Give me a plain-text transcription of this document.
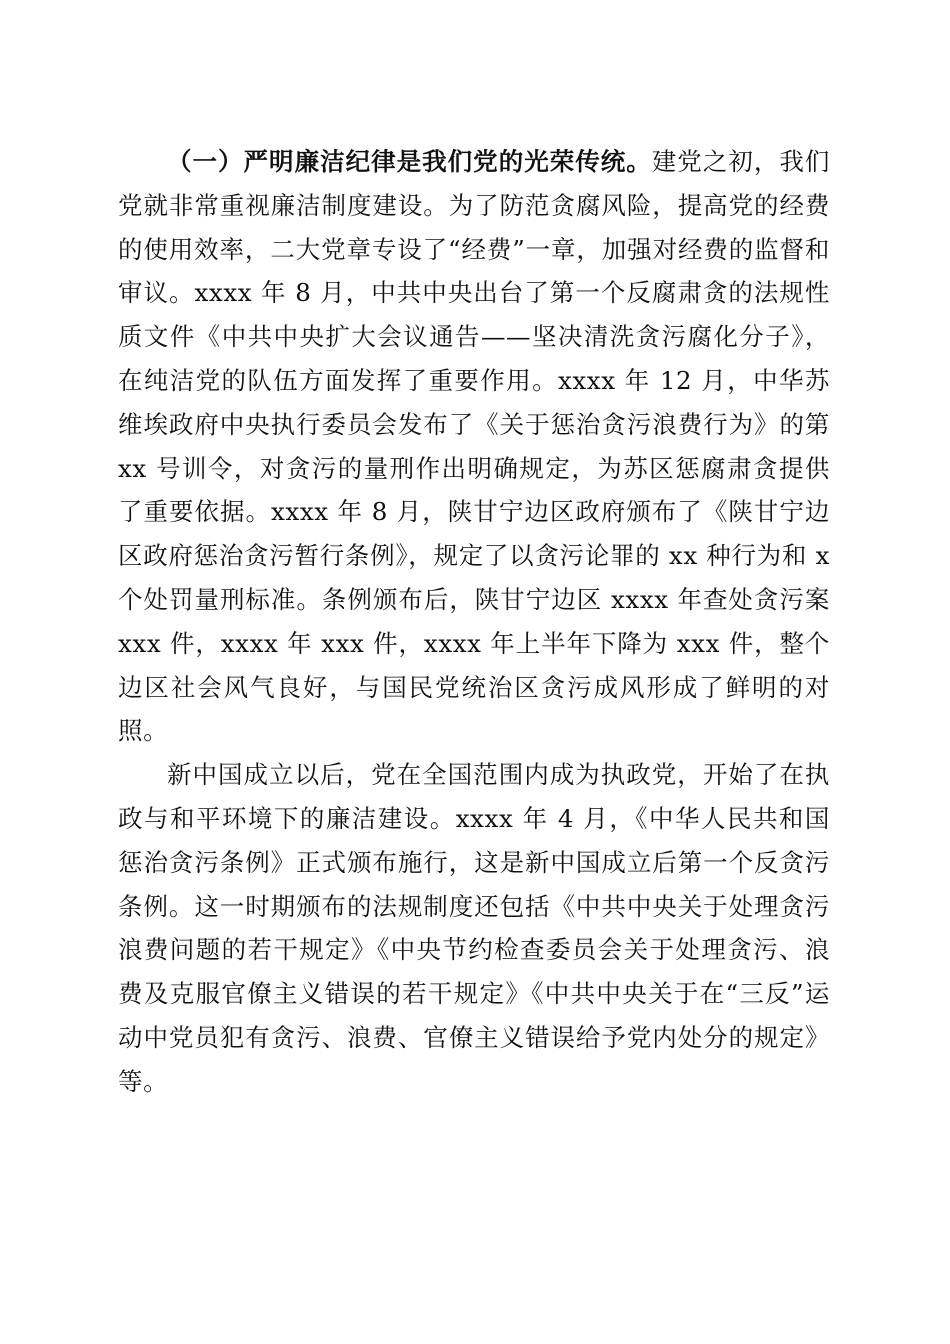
（一）严明廉洁纪律是我们党的光荣传统。建党之初，我们党就非常重视廉洁制度建设。为了防范贪腐风险，提高党的经费的使用效率，二大党章专设了“经费”一章，加强对经费的监督和审议。xxxx 年 8 月，中共中央出台了第一个反腐肃贪的法规性质文件《中共中央扩大会议通告——坚决清洗贪污腐化分子》，在纯洁党的队伍方面发挥了重要作用。xxxx 年 12 月，中华苏维埃政府中央执行委员会发布了《关于惩治贪污浪费行为》的第 xx 号训令，对贪污的量刑作出明确规定，为苏区惩腐肃贪提供了重要依据。xxxx 年 8 月，陕甘宁边区政府颁布了《陕甘宁边区政府惩治贪污暂行条例》，规定了以贪污论罪的 xx 种行为和 x 个处罚量刑标准。条例颁布后，陕甘宁边区 xxxx 年查处贪污案 xxx 件，xxxx 年 xxx 件，xxxx 年上半年下降为 xxx 件，整个边区社会风气良好，与国民党统治区贪污成风形成了鲜明的对照。

新中国成立以后，党在全国范围内成为执政党，开始了在执政与和平环境下的廉洁建设。xxxx 年 4 月，《中华人民共和国惩治贪污条例》正式颁布施行，这是新中国成立后第一个反贪污条例。这一时期颁布的法规制度还包括《中共中央关于处理贪污浪费问题的若干规定》《中央节约检查委员会关于处理贪污、浪费及克服官僚主义错误的若干规定》《中共中央关于在“三反”运动中党员犯有贪污、浪费、官僚主义错误给予党内处分的规定》等。
